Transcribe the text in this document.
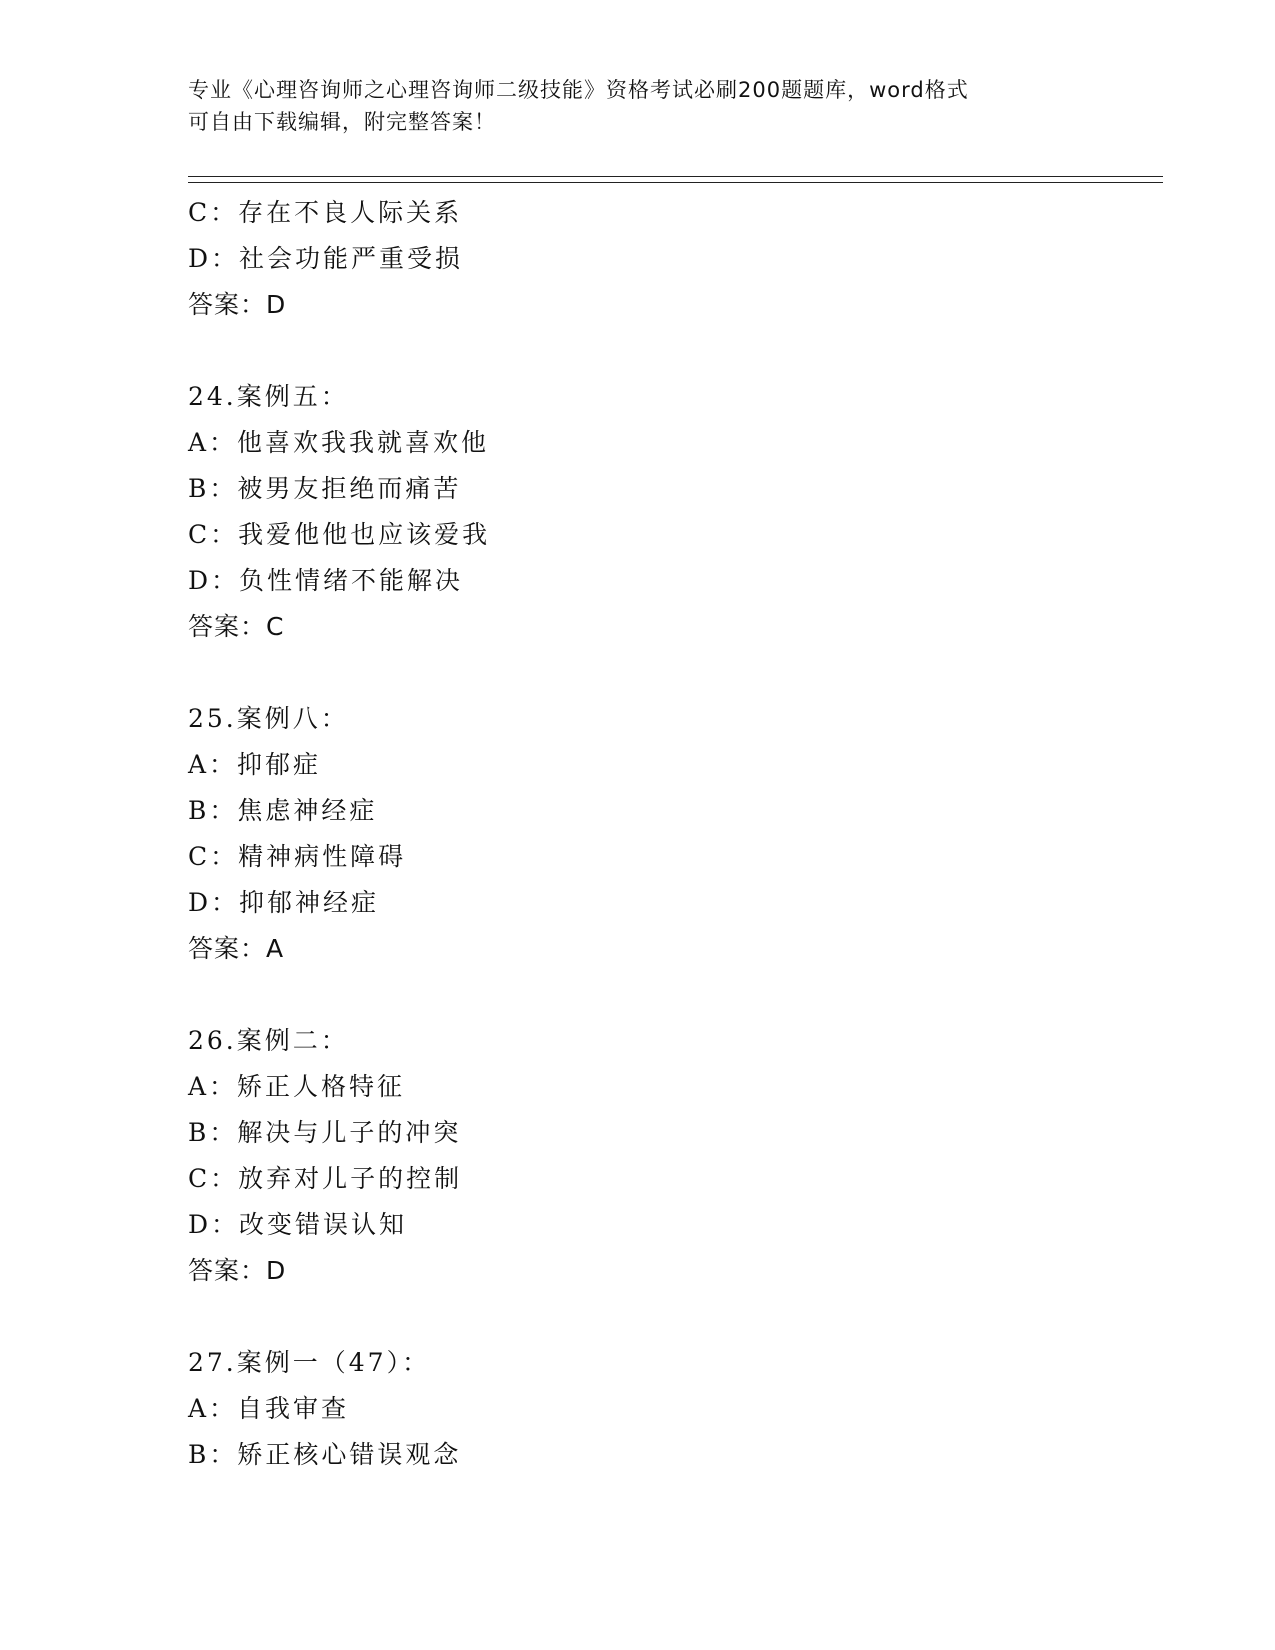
专业《心理咨询师之心理咨询师二级技能》资格考试必刷200题题库，word格式
可自由下载编辑，附完整答案！
C：存在不良人际关系
D：社会功能严重受损
答案：D
24.案例五：
A：他喜欢我我就喜欢他
B：被男友拒绝而痛苦
C：我爱他他也应该爱我
D：负性情绪不能解决
答案：C
25.案例八：
A：抑郁症
B：焦虑神经症
C：精神病性障碍
D：抑郁神经症
答案：A
26.案例二：
A：矫正人格特征
B：解决与儿子的冲突
C：放弃对儿子的控制
D：改变错误认知
答案：D
27.案例一（47）：
A：自我审查
B：矫正核心错误观念
